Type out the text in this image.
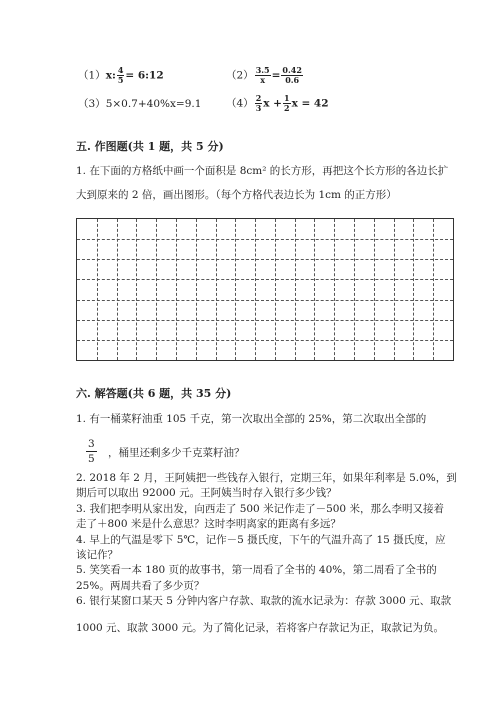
（1）x: $\frac{4}{5}$ = 6:12	$(2) \frac{3.5}{x} = \frac{0.42}{0.6}$
（3）5×0.7+40%x=9.1 $(4) \frac{2}{3}$ $x + \frac{1}{2}$ x = 42
五. 作图题(共 1 题，共 5 分)
1. 在下面的方格纸中画一个面积是 8cm² 的长方形，再把这个长方形的各边长扩
大到原来的 2 倍，画出图形。（每个方格代表边长为 1cm 的正方形）
六. 解答题(共 6 题，共 35 分)
1. 有一桶菜籽油重 105 千克，第一次取出全部的 25%，第二次取出全部的
$\frac{3}{5}$ ，桶里还剩多少千克菜籽油？
2. 2018 年 2 月，王阿姨把一些钱存入银行，定期三年，如果年利率是 5.0%，到
期后可以取出 92000 元。王阿姨当时存入银行多少钱？
3. 我们把李明从家出发，向西走了 500 米记作走了－500 米，那么李明又接着
走了＋800 米是什么意思？这时李明离家的距离有多远？
4. 早上的气温是零下 5℃，记作－5 摄氏度，下午的气温升高了 15 摄氏度，应
该记作？
5. 笑笑看一本 180 页的故事书，第一周看了全书的 40%，第二周看了全书的
25%。两周共看了多少页？
6. 银行某窗口某天 5 分钟内客户存款、取款的流水记录为：存款 3000 元、取款
1000 元、取款 3000 元。为了简化记录，若将客户存款记为正，取款记为负。
